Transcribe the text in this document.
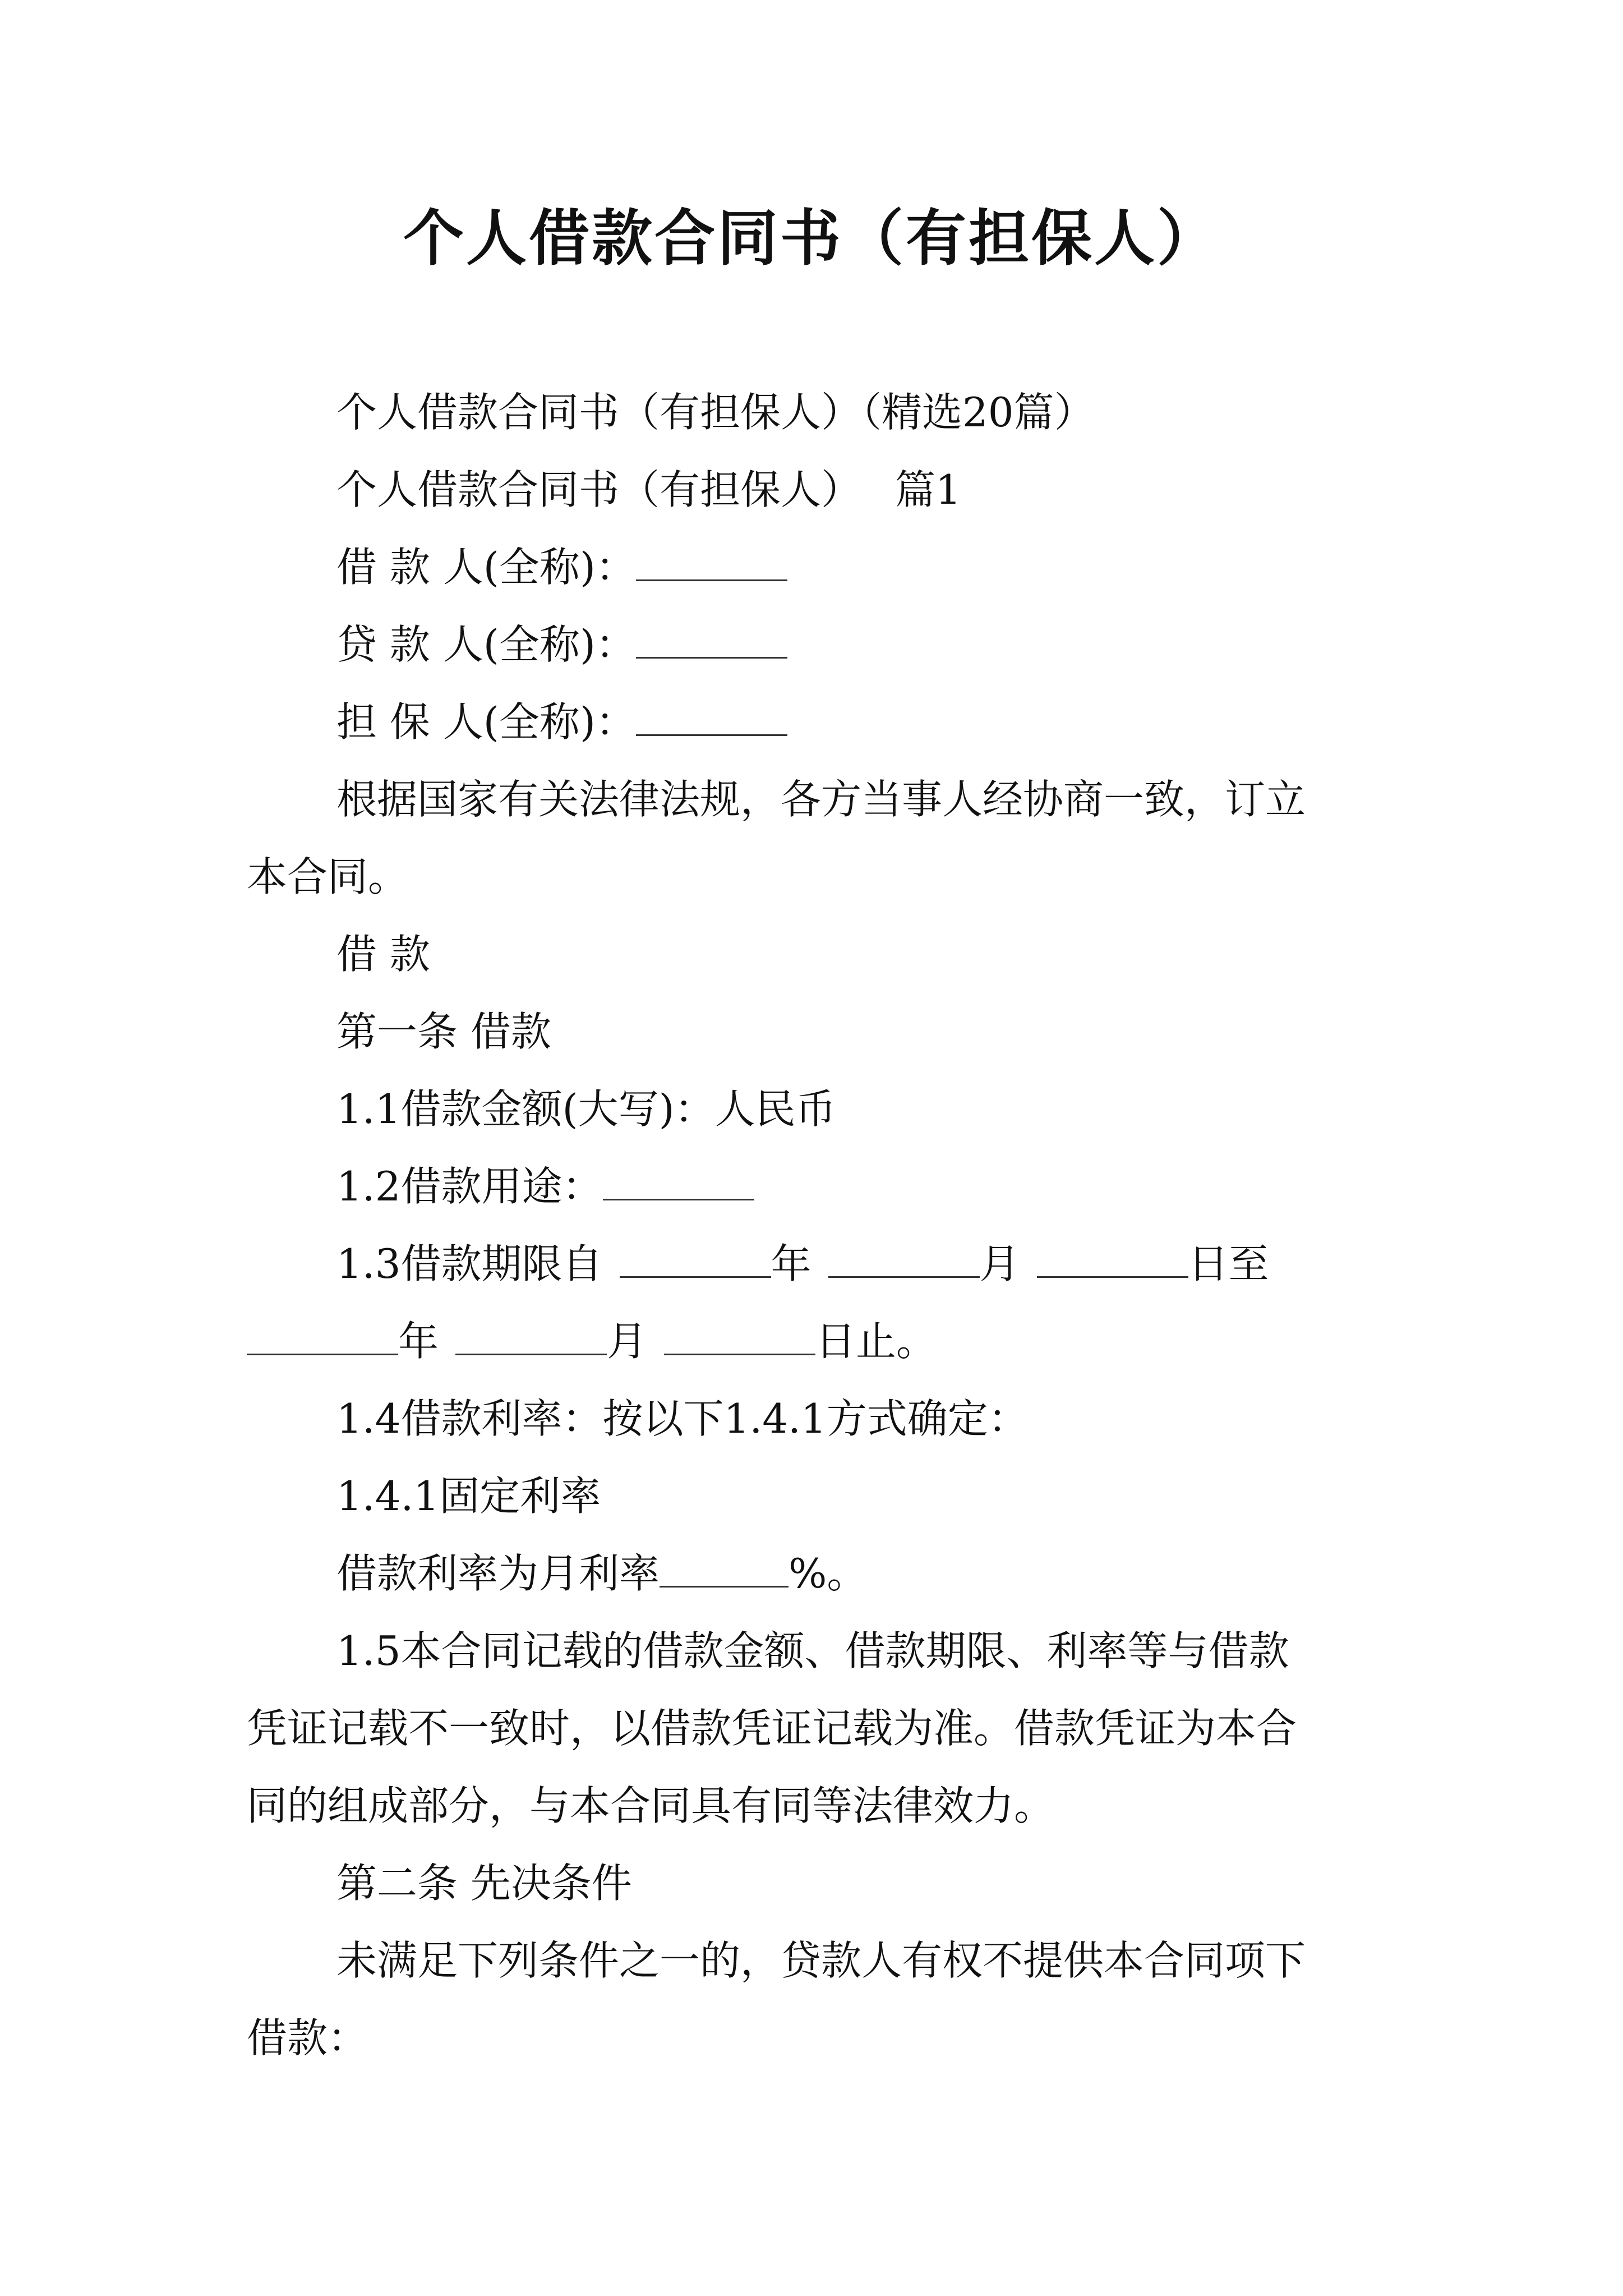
个人借款合同书（有担保人）
个人借款合同书（有担保人）（精选20篇）
个人借款合同书（有担保人） 篇1
借 款 人(全称)：
贷 款 人(全称)：
担 保 人(全称)：
根据国家有关法律法规，各方当事人经协商一致，订立
本合同。
借 款
第一条 借款
1.1借款金额(大写)：人民币
1.2借款用途：
1.3借款期限自	年	月	日至
年	月	日止。
1.4借款利率：按以下1.4.1方式确定：
1.4.1固定利率
借款利率为月利率	%。
1.5本合同记载的借款金额、借款期限、利率等与借款
凭证记载不一致时，以借款凭证记载为准。借款凭证为本合
同的组成部分，与本合同具有同等法律效力。
第二条 先决条件
未满足下列条件之一的，贷款人有权不提供本合同项下
借款：
